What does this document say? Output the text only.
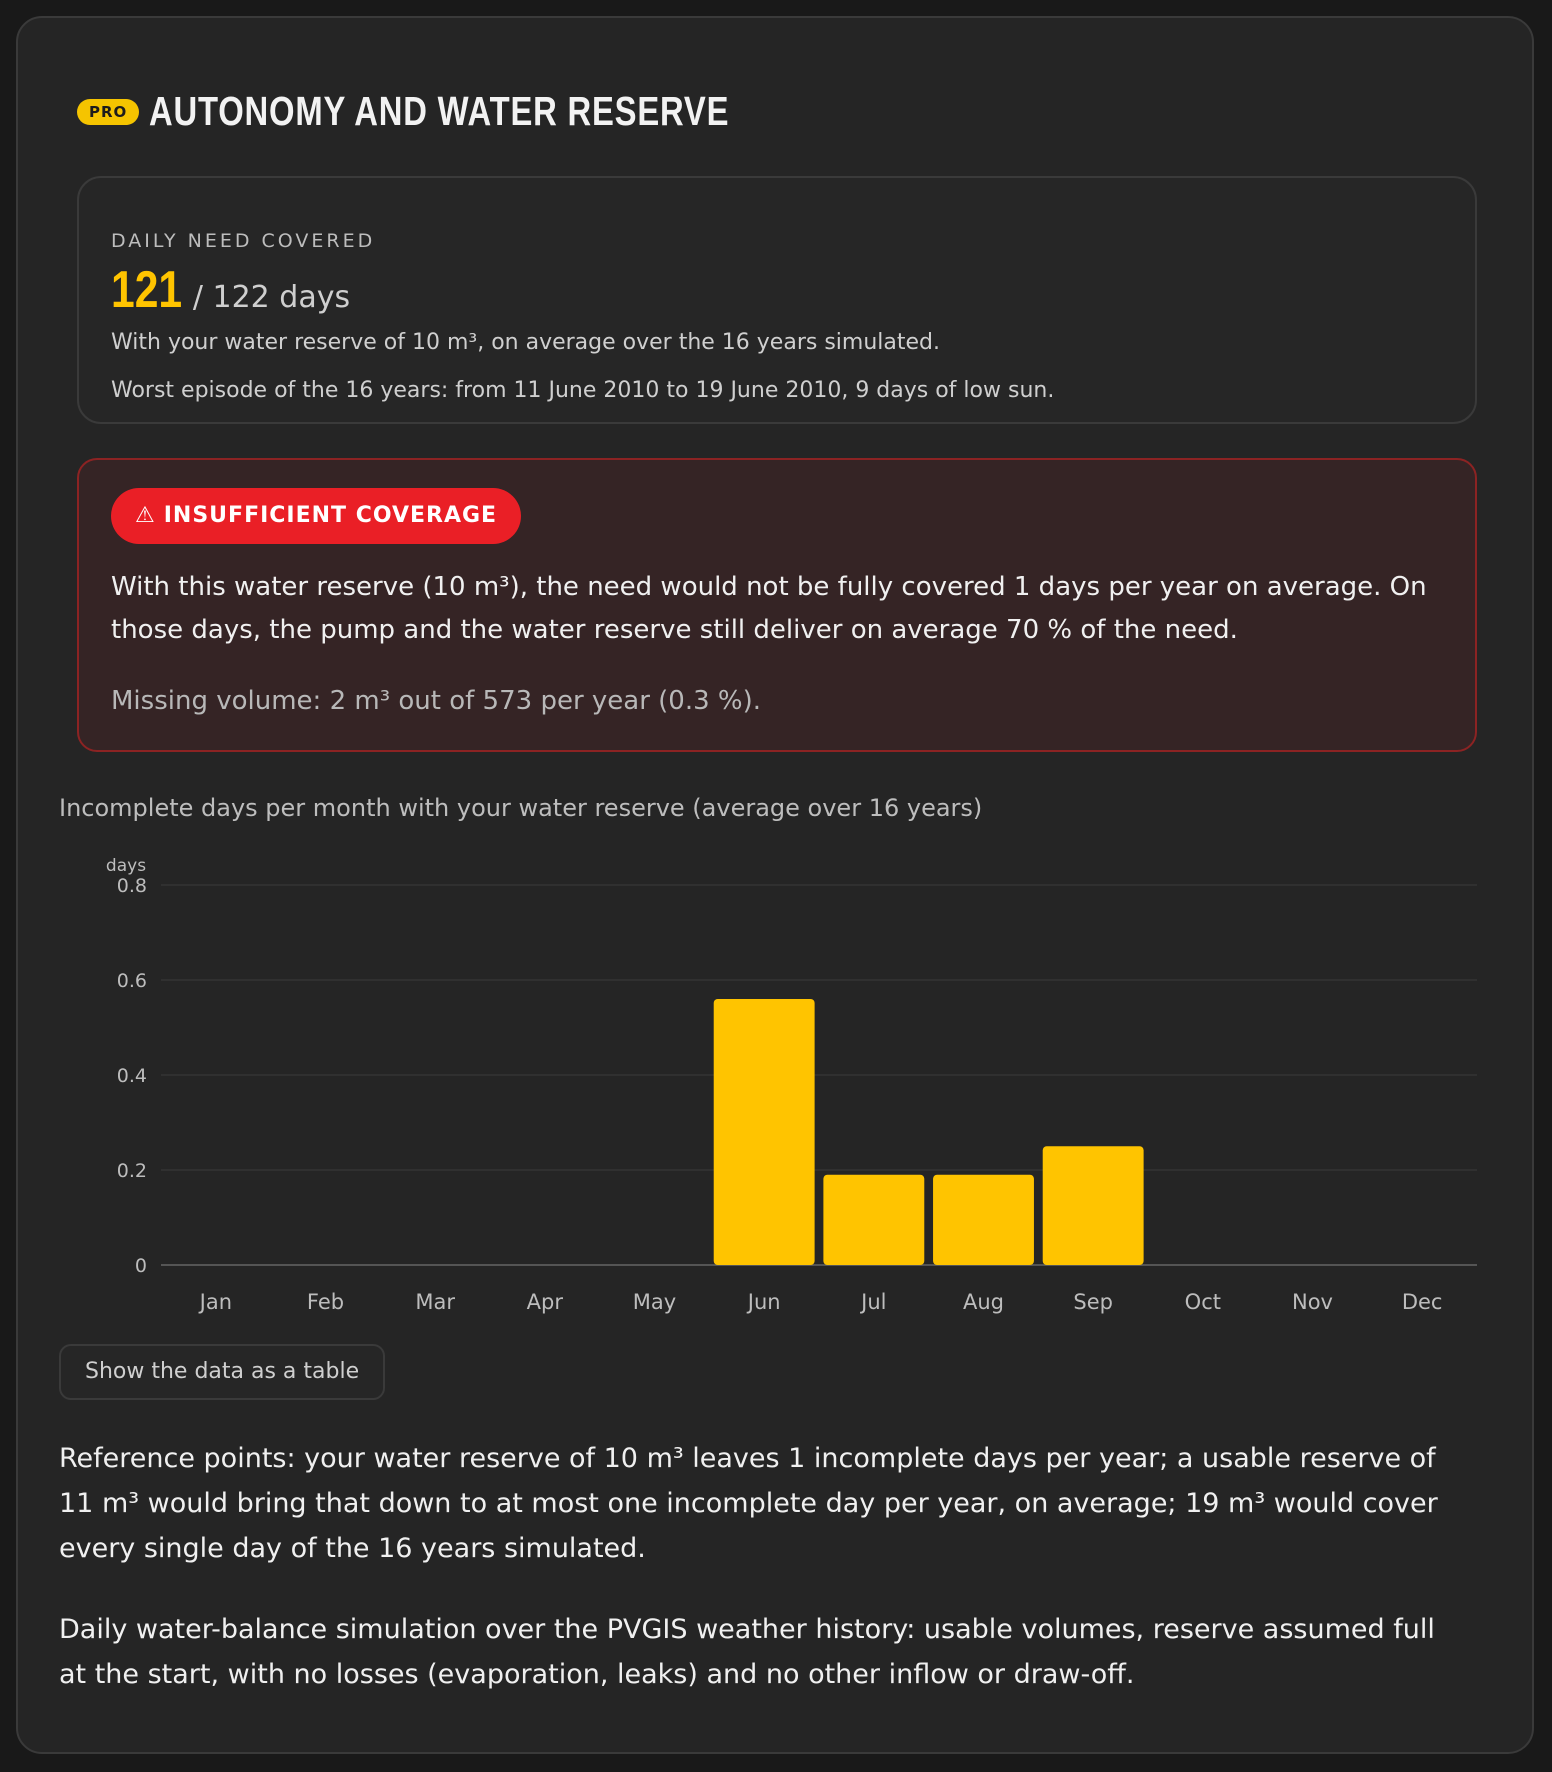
PRO AUTONOMY AND WATER RESERVE
DAILY NEED COVERED
121 / 122 days
With your water reserve of 10 m³, on average over the 16 years simulated.
Worst episode of the 16 years: from 11 June 2010 to 19 June 2010, 9 days of low sun.
⚠ INSUFFICIENT COVERAGE
With this water reserve (10 m³), the need would not be fully covered 1 days per year on average. On those days, the pump and the water reserve still deliver on average 70 % of the need.
Missing volume: 2 m³ out of 573 per year (0.3 %).
Incomplete days per month with your water reserve (average over 16 years)
days
0
0.2
0.4
0.6
0.8
Jan	Feb	Mar	Apr	May	Jun	Jul	Aug	Sep	Oct	Nov	Dec
Show the data as a table
Reference points: your water reserve of 10 m³ leaves 1 incomplete days per year; a usable reserve of 11 m³ would bring that down to at most one incomplete day per year, on average; 19 m³ would cover every single day of the 16 years simulated.
Daily water-balance simulation over the PVGIS weather history: usable volumes, reserve assumed full at the start, with no losses (evaporation, leaks) and no other inflow or draw-off.
